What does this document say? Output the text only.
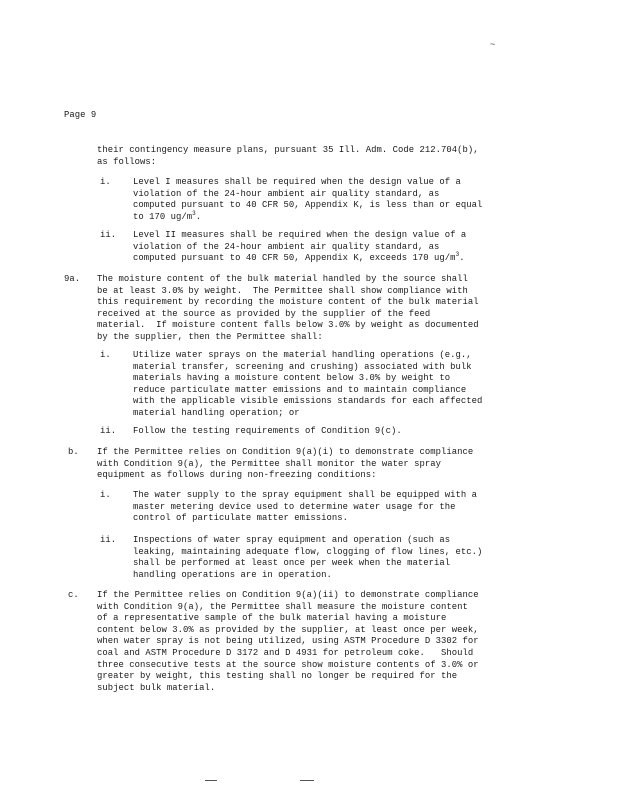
~
Page 9
their contingency measure plans, pursuant 35 Ill. Adm. Code 212.704(b),
as follows:
i. Level I measures shall be required when the design value of a
violation of the 24-hour ambient air quality standard, as
computed pursuant to 40 CFR 50, Appendix K, is less than or equal
to 170 $ug/m^3$.
ii. Level II measures shall be required when the design value of a
violation of the 24-hour ambient air quality standard, as
computed pursuant to 40 CFR 50, Appendix K, exceeds 170 $ug/m^3$.
9a. The moisture content of the bulk material handled by the source shall
be at least 3.0% by weight.  The Permittee shall show compliance with
this requirement by recording the moisture content of the bulk material
received at the source as provided by the supplier of the feed
material.  If moisture content falls below 3.0% by weight as documented
by the supplier, then the Permittee shall:
i. Utilize water sprays on the material handling operations (e.g.,
material transfer, screening and crushing) associated with bulk
materials having a moisture content below 3.0% by weight to
reduce particulate matter emissions and to maintain compliance
with the applicable visible emissions standards for each affected
material handling operation; or
ii. Follow the testing requirements of Condition 9(c).
b. If the Permittee relies on Condition 9(a)(i) to demonstrate compliance
with Condition 9(a), the Permittee shall monitor the water spray
equipment as follows during non-freezing conditions:
i. The water supply to the spray equipment shall be equipped with a
master metering device used to determine water usage for the
control of particulate matter emissions.
ii. Inspections of water spray equipment and operation (such as
leaking, maintaining adequate flow, clogging of flow lines, etc.)
shall be performed at least once per week when the material
handling operations are in operation.
c. If the Permittee relies on Condition 9(a)(ii) to demonstrate compliance
with Condition 9(a), the Permittee shall measure the moisture content
of a representative sample of the bulk material having a moisture
content below 3.0% as provided by the supplier, at least once per week,
when water spray is not being utilized, using ASTM Procedure D 3302 for
coal and ASTM Procedure D 3172 and D 4931 for petroleum coke.   Should
three consecutive tests at the source show moisture contents of 3.0% or
greater by weight, this testing shall no longer be required for the
subject bulk material.
